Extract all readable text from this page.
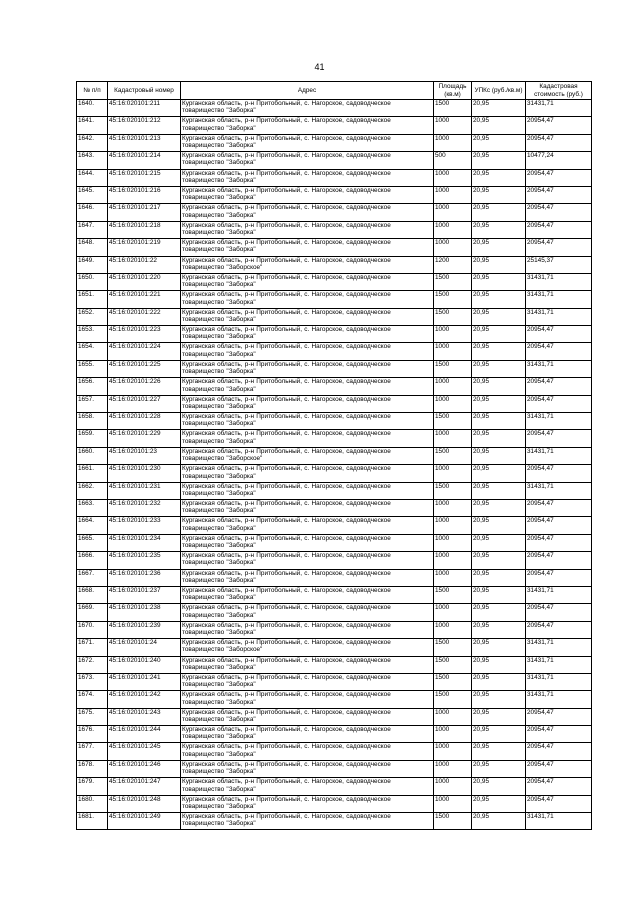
41
№ п/п	Кадастровый номер	Адрес	Площадь (кв.м)	УПКс (руб./кв.м)	Кадастровая стоимость (руб.)
1640.	45:16:020101:211	Курганская область, р-н Притобольный, с. Нагорское, садоводческое товарищество "Заборка"	1500	20,95	31431,71
1641.	45:16:020101:212	Курганская область, р-н Притобольный, с. Нагорское, садоводческое товарищество "Заборка"	1000	20,95	20954,47
1642.	45:16:020101:213	Курганская область, р-н Притобольный, с. Нагорское, садоводческое товарищество "Заборка"	1000	20,95	20954,47
1643.	45:16:020101:214	Курганская область, р-н Притобольный, с. Нагорское, садоводческое товарищество "Заборка"	500	20,95	10477,24
1644.	45:16:020101:215	Курганская область, р-н Притобольный, с. Нагорское, садоводческое товарищество "Заборка"	1000	20,95	20954,47
1645.	45:16:020101:216	Курганская область, р-н Притобольный, с. Нагорское, садоводческое товарищество "Заборка"	1000	20,95	20954,47
1646.	45:16:020101:217	Курганская область, р-н Притобольный, с. Нагорское, садоводческое товарищество "Заборка"	1000	20,95	20954,47
1647.	45:16:020101:218	Курганская область, р-н Притобольный, с. Нагорское, садоводческое товарищество "Заборка"	1000	20,95	20954,47
1648.	45:16:020101:219	Курганская область, р-н Притобольный, с. Нагорское, садоводческое товарищество "Заборка"	1000	20,95	20954,47
1649.	45:16:020101:22	Курганская область, р-н Притобольный, с. Нагорское, садоводческое товарищество "Заборское"	1200	20,95	25145,37
1650.	45:16:020101:220	Курганская область, р-н Притобольный, с. Нагорское, садоводческое товарищество "Заборка"	1500	20,95	31431,71
1651.	45:16:020101:221	Курганская область, р-н Притобольный, с. Нагорское, садоводческое товарищество "Заборка"	1500	20,95	31431,71
1652.	45:16:020101:222	Курганская область, р-н Притобольный, с. Нагорское, садоводческое товарищество "Заборка"	1500	20,95	31431,71
1653.	45:16:020101:223	Курганская область, р-н Притобольный, с. Нагорское, садоводческое товарищество "Заборка"	1000	20,95	20954,47
1654.	45:16:020101:224	Курганская область, р-н Притобольный, с. Нагорское, садоводческое товарищество "Заборка"	1000	20,95	20954,47
1655.	45:16:020101:225	Курганская область, р-н Притобольный, с. Нагорское, садоводческое товарищество "Заборка"	1500	20,95	31431,71
1656.	45:16:020101:226	Курганская область, р-н Притобольный, с. Нагорское, садоводческое товарищество "Заборка"	1000	20,95	20954,47
1657.	45:16:020101:227	Курганская область, р-н Притобольный, с. Нагорское, садоводческое товарищество "Заборка"	1000	20,95	20954,47
1658.	45:16:020101:228	Курганская область, р-н Притобольный, с. Нагорское, садоводческое товарищество "Заборка"	1500	20,95	31431,71
1659.	45:16:020101:229	Курганская область, р-н Притобольный, с. Нагорское, садоводческое товарищество "Заборка"	1000	20,95	20954,47
1660.	45:16:020101:23	Курганская область, р-н Притобольный, с. Нагорское, садоводческое товарищество "Заборское"	1500	20,95	31431,71
1661.	45:16:020101:230	Курганская область, р-н Притобольный, с. Нагорское, садоводческое товарищество "Заборка"	1000	20,95	20954,47
1662.	45:16:020101:231	Курганская область, р-н Притобольный, с. Нагорское, садоводческое товарищество "Заборка"	1500	20,95	31431,71
1663.	45:16:020101:232	Курганская область, р-н Притобольный, с. Нагорское, садоводческое товарищество "Заборка"	1000	20,95	20954,47
1664.	45:16:020101:233	Курганская область, р-н Притобольный, с. Нагорское, садоводческое товарищество "Заборка"	1000	20,95	20954,47
1665.	45:16:020101:234	Курганская область, р-н Притобольный, с. Нагорское, садоводческое товарищество "Заборка"	1000	20,95	20954,47
1666.	45:16:020101:235	Курганская область, р-н Притобольный, с. Нагорское, садоводческое товарищество "Заборка"	1000	20,95	20954,47
1667.	45:16:020101:236	Курганская область, р-н Притобольный, с. Нагорское, садоводческое товарищество "Заборка"	1000	20,95	20954,47
1668.	45:16:020101:237	Курганская область, р-н Притобольный, с. Нагорское, садоводческое товарищество "Заборка"	1500	20,95	31431,71
1669.	45:16:020101:238	Курганская область, р-н Притобольный, с. Нагорское, садоводческое товарищество "Заборка"	1000	20,95	20954,47
1670.	45:16:020101:239	Курганская область, р-н Притобольный, с. Нагорское, садоводческое товарищество "Заборка"	1000	20,95	20954,47
1671.	45:16:020101:24	Курганская область, р-н Притобольный, с. Нагорское, садоводческое товарищество "Заборское"	1500	20,95	31431,71
1672.	45:16:020101:240	Курганская область, р-н Притобольный, с. Нагорское, садоводческое товарищество "Заборка"	1500	20,95	31431,71
1673.	45:16:020101:241	Курганская область, р-н Притобольный, с. Нагорское, садоводческое товарищество "Заборка"	1500	20,95	31431,71
1674.	45:16:020101:242	Курганская область, р-н Притобольный, с. Нагорское, садоводческое товарищество "Заборка"	1500	20,95	31431,71
1675.	45:16:020101:243	Курганская область, р-н Притобольный, с. Нагорское, садоводческое товарищество "Заборка"	1000	20,95	20954,47
1676.	45:16:020101:244	Курганская область, р-н Притобольный, с. Нагорское, садоводческое товарищество "Заборка"	1000	20,95	20954,47
1677.	45:16:020101:245	Курганская область, р-н Притобольный, с. Нагорское, садоводческое товарищество "Заборка"	1000	20,95	20954,47
1678.	45:16:020101:246	Курганская область, р-н Притобольный, с. Нагорское, садоводческое товарищество "Заборка"	1000	20,95	20954,47
1679.	45:16:020101:247	Курганская область, р-н Притобольный, с. Нагорское, садоводческое товарищество "Заборка"	1000	20,95	20954,47
1680.	45:16:020101:248	Курганская область, р-н Притобольный, с. Нагорское, садоводческое товарищество "Заборка"	1000	20,95	20954,47
1681.	45:16:020101:249	Курганская область, р-н Притобольный, с. Нагорское, садоводческое товарищество "Заборка"	1500	20,95	31431,71
